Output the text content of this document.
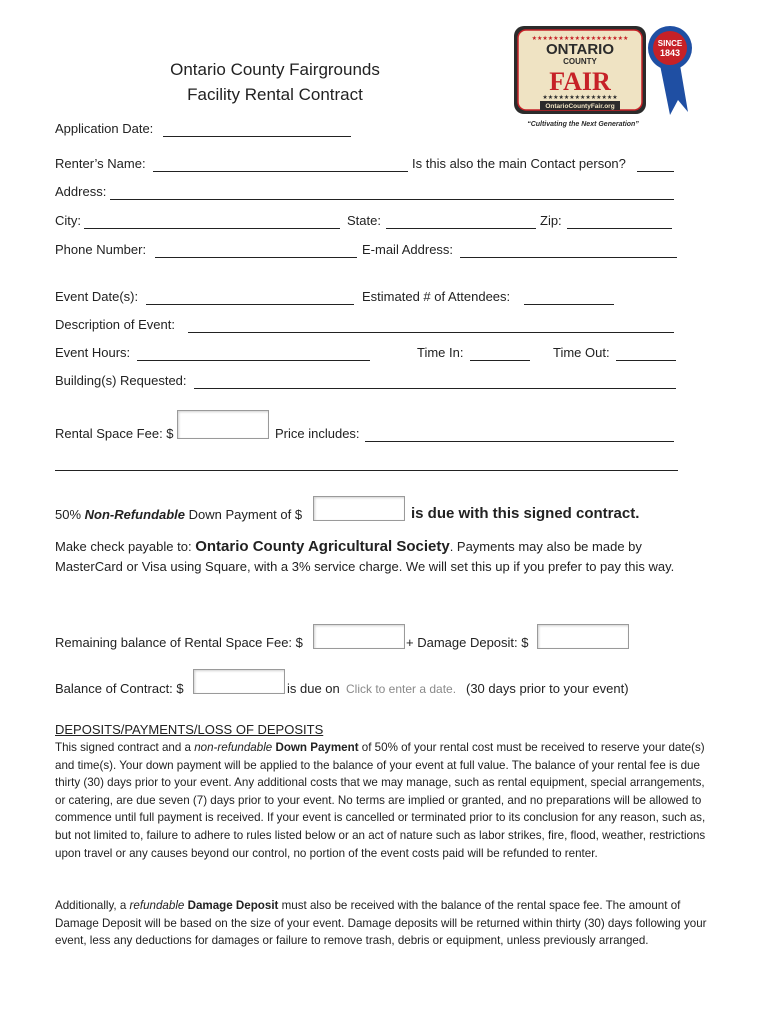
Ontario County Fairgrounds
Facility Rental Contract
★★★★★★★★★★★★★★★★★★
ONTARIO
COUNTY
FAIR
★★★★★★★★★★★★★★
OntarioCountyFair.org
SINCE
1843
“Cultivating the Next Generation”
Application Date:
Renter’s Name:	Is this also the main Contact person?
Address:
City:	State:	Zip:
Phone Number:	E-mail Address:
Event Date(s):	Estimated # of Attendees:
Description of Event:
Event Hours:	Time In:	Time Out:
Building(s) Requested:
Rental Space Fee: $	Price includes:
50% Non-Refundable Down Payment of $	is due with this signed contract.
Make check payable to: Ontario County Agricultural Society. Payments may also be made by MasterCard or Visa using Square, with a 3% service charge. We will set this up if you prefer to pay this way.
Remaining balance of Rental Space Fee: $	+ Damage Deposit: $
Balance of Contract: $	is due on Click to enter a date. (30 days prior to your event)
DEPOSITS/PAYMENTS/LOSS OF DEPOSITS
This signed contract and a non-refundable Down Payment of 50% of your rental cost must be received to reserve your date(s) and time(s). Your down payment will be applied to the balance of your event at full value. The balance of your rental fee is due thirty (30) days prior to your event. Any additional costs that we may manage, such as rental equipment, special arrangements, or catering, are due seven (7) days prior to your event. No terms are implied or granted, and no preparations will be allowed to commence until full payment is received. If your event is cancelled or terminated prior to its conclusion for any reason, such as, but not limited to, failure to adhere to rules listed below or an act of nature such as labor strikes, fire, flood, weather, restrictions upon travel or any causes beyond our control, no portion of the event costs paid will be refunded to renter.
Additionally, a refundable Damage Deposit must also be received with the balance of the rental space fee. The amount of Damage Deposit will be based on the size of your event. Damage deposits will be returned within thirty (30) days following your event, less any deductions for damages or failure to remove trash, debris or equipment, unless previously arranged.
